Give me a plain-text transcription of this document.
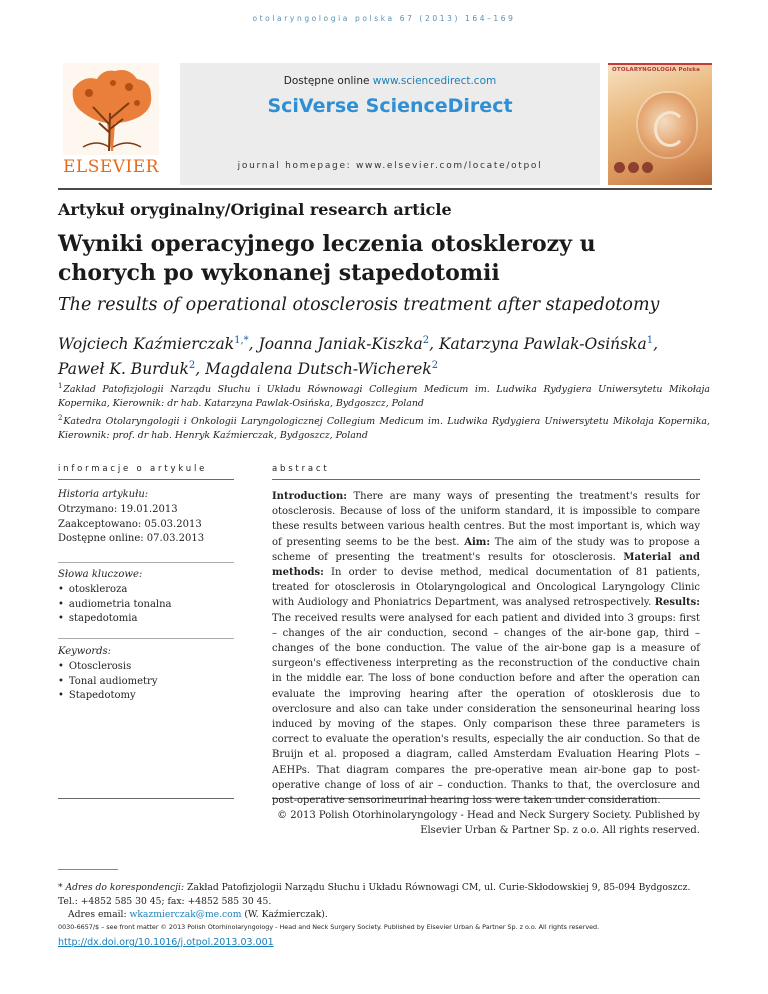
otolaryngologia polska 67 (2013) 164–169
ELSEVIER
Dostępne online www.sciencedirect.com
SciVerse ScienceDirect
journal homepage: www.elsevier.com/locate/otpol
OTOLARYNGOLOGIA Polska
Artykuł oryginalny/Original research article
Wyniki operacyjnego leczenia otosklerozy u chorych po wykonanej stapedotomii
The results of operational otosclerosis treatment after stapedotomy
Wojciech Kaźmierczak$^{1,*}$, Joanna Janiak-Kiszka$^2$, Katarzyna Pawlak-Osińska$^1$,
Paweł K. Burduk$^2$, Magdalena Dutsch-Wicherek$^2$
$^1$ Zakład Patofizjologii Narządu Słuchu i Układu Równowagi Collegium Medicum im. Ludwika Rydygiera Uniwersytetu Mikołaja Kopernika, Kierownik: dr hab. Katarzyna Pawlak-Osińska, Bydgoszcz, Poland
$^2$ Katedra Otolaryngologii i Onkologii Laryngologicznej Collegium Medicum im. Ludwika Rydygiera Uniwersytetu Mikołaja Kopernika, Kierownik: prof. dr hab. Henryk Kaźmierczak, Bydgoszcz, Poland
informacje o artykule	abstract
Historia artykułu:
Otrzymano: 19.01.2013
Zaakceptowano: 05.03.2013
Dostępne online: 07.03.2013
Słowa kluczowe:
• otoskleroza
• audiometria tonalna
• stapedotomia
Keywords:
• Otosclerosis
• Tonal audiometry
• Stapedotomy
Introduction: There are many ways of presenting the treatment's results for otosclerosis. Because of loss of the uniform standard, it is impossible to compare these results between various health centres. But the most important is, which way of presenting seems to be the best. Aim: The aim of the study was to propose a scheme of presenting the treatment's results for otosclerosis. Material and methods: In order to devise method, medical documentation of 81 patients, treated for otosclerosis in Otolaryngological and Oncological Laryngology Clinic with Audiology and Phoniatrics Department, was analysed retrospectively. Results: The received results were analysed for each patient and divided into 3 groups: first – changes of the air conduction, second – changes of the air-bone gap, third – changes of the bone conduction. The value of the air-bone gap is a measure of surgeon's effectiveness interpreting as the reconstruction of the conductive chain in the middle ear. The loss of bone conduction before and after the operation can evaluate the improving hearing after the operation of otosklerosis due to overclosure and also can take under consideration the sensoneurinal hearing loss induced by moving of the stapes. Only comparison these three parameters is correct to evaluate the operation's results, especially the air conduction. So that de Bruijn et al. proposed a diagram, called Amsterdam Evaluation Hearing Plots – AEHPs. That diagram compares the pre-operative mean air-bone gap to post-operative change of loss of air – conduction. Thanks to that, the overclosure and post-operative sensorineurinal hearing loss were taken under consideration.
© 2013 Polish Otorhinolaryngology - Head and Neck Surgery Society. Published by
Elsevier Urban & Partner Sp. z o.o. All rights reserved.
* Adres do korespondencji: Zakład Patofizjologii Narządu Słuchu i Układu Równowagi CM, ul. Curie-Skłodowskiej 9, 85-094 Bydgoszcz.
Tel.: +4852 585 30 45; fax: +4852 585 30 45.
Adres email: wkazmierczak@me.com (W. Kaźmierczak).
0030-6657/$ – see front matter © 2013 Polish Otorhinolaryngology - Head and Neck Surgery Society. Published by Elsevier Urban & Partner Sp. z o.o. All rights reserved.
http://dx.doi.org/10.1016/j.otpol.2013.03.001
